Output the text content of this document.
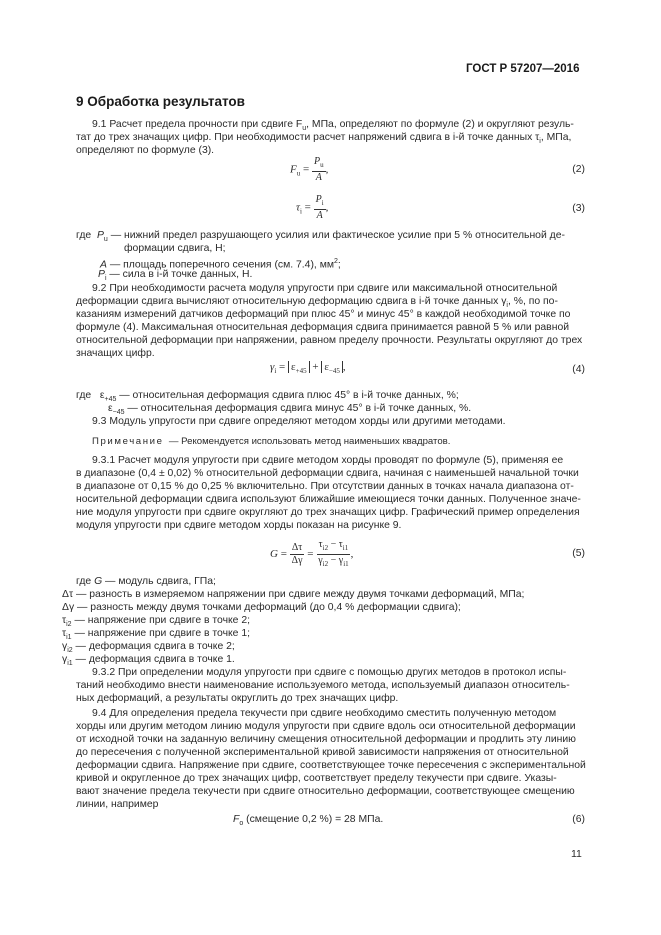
ГОСТ Р 57207—2016
9 Обработка результатов
9.1 Расчет предела прочности при сдвиге $F_u$, МПа, определяют по формуле (2) и округляют резуль-
тат до трех значащих цифр. При необходимости расчет напряжений сдвига в i-й точке данных $\tau_i$, МПа,
определяют по формуле (3).
$F_u = \frac{P_u}{A}$ ,	(2)
$\tau_i = \frac{P_i}{A}$ ,	(3)
где $P_u$ — нижний предел разрушающего усилия или фактическое усилие при 5 % относительной де-
формации сдвига, Н;
A — площадь поперечного сечения (см. 7.4), $мм^2$;
$P_i$ — сила в i-й точке данных, Н.
9.2 При необходимости расчета модуля упругости при сдвиге или максимальной относительной
деформации сдвига вычисляют относительную деформацию сдвига в i-й точке данных $\gamma_i$, %, по по-
казаниям измерений датчиков деформаций при плюс 45° и минус 45° в каждой необходимой точке по
формуле (4). Максимальная относительная деформация сдвига принимается равной 5 % или равной
относительной деформации при напряжении, равном пределу прочности. Результаты округляют до трех
значащих цифр.
$\gamma_i = \varepsilon_{+45} + \varepsilon_{-45}$ ,	(4)
где $\varepsilon_{+45}$ — относительная деформация сдвига плюс 45° в i-й точке данных, %;
$\varepsilon_{-45}$ — относительная деформация сдвига минус 45° в i-й точке данных, %.
9.3 Модуль упругости при сдвиге определяют методом хорды или другими методами.
Примечание — Рекомендуется использовать метод наименьших квадратов.
9.3.1 Расчет модуля упругости при сдвиге методом хорды проводят по формуле (5), применяя ее
в диапазоне (0,4 ± 0,02) % относительной деформации сдвига, начиная с наименьшей начальной точки
в диапазоне от 0,15 % до 0,25 % включительно. При отсутствии данных в точках начала диапазона от-
носительной деформации сдвига используют ближайшие имеющиеся точки данных. Полученное значе-
ние модуля упругости при сдвиге округляют до трех значащих цифр. Графический пример определения
модуля упругости при сдвиге методом хорды показан на рисунке 9.
$G = \frac{\Delta\tau}{\Delta\gamma} = \frac{\tau_{i2} - \tau_{i1}}{\gamma_{i2} - \gamma_{i1}}$ ,	(5)
где G — модуль сдвига, ГПа;
Δτ — разность в измеряемом напряжении при сдвиге между двумя точками деформаций, МПа;
Δγ — разность между двумя точками деформаций (до 0,4 % деформации сдвига);
$\tau_{i2}$ — напряжение при сдвиге в точке 2;
$\tau_{i1}$ — напряжение при сдвиге в точке 1;
$\gamma_{i2}$ — деформация сдвига в точке 2;
$\gamma_{i1}$ — деформация сдвига в точке 1.
9.3.2 При определении модуля упругости при сдвиге с помощью других методов в протокол испы-
таний необходимо внести наименование используемого метода, используемый диапазон относитель-
ных деформаций, а результаты округлить до трех значащих цифр.
9.4 Для определения предела текучести при сдвиге необходимо сместить полученную методом
хорды или другим методом линию модуля упругости при сдвиге вдоль оси относительной деформации
от исходной точки на заданную величину смещения относительной деформации и продлить эту линию
до пересечения с полученной экспериментальной кривой зависимости напряжения от относительной
деформации сдвига. Напряжение при сдвиге, соответствующее точке пересечения с экспериментальной
кривой и округленное до трех значащих цифр, соответствует пределу текучести при сдвиге. Указы-
вают значение предела текучести при сдвиге относительно деформации, соответствующее смещению
линии, например
$F_o$ (смещение 0,2 %) = 28 МПа.	(6)
11
